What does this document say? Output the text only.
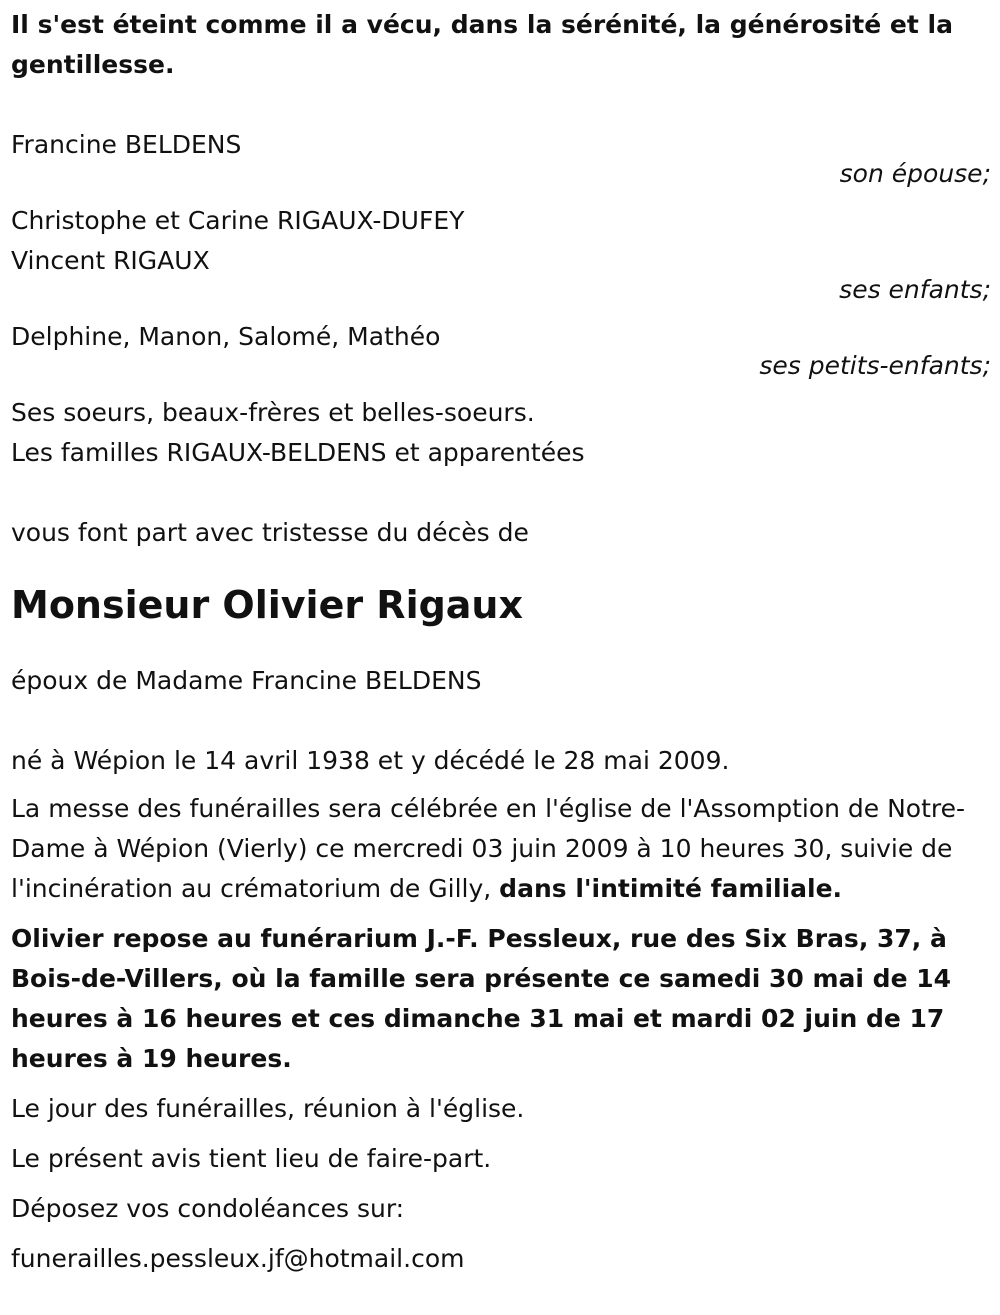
Il s'est éteint comme il a vécu, dans la sérénité, la générosité et la gentillesse.
Francine BELDENS
son épouse;
Christophe et Carine RIGAUX-DUFEY
Vincent RIGAUX
ses enfants;
Delphine, Manon, Salomé, Mathéo
ses petits-enfants;
Ses soeurs, beaux-frères et belles-soeurs.
Les familles RIGAUX-BELDENS et apparentées
vous font part avec tristesse du décès de
Monsieur Olivier Rigaux
époux de Madame Francine BELDENS
né à Wépion le 14 avril 1938 et y décédé le 28 mai 2009.
La messe des funérailles sera célébrée en l'église de l'Assomption de Notre-Dame à Wépion (Vierly) ce mercredi 03 juin 2009 à 10 heures 30, suivie de l'incinération au crématorium de Gilly, dans l'intimité familiale.
Olivier repose au funérarium J.-F. Pessleux, rue des Six Bras, 37, à Bois-de-Villers, où la famille sera présente ce samedi 30 mai de 14 heures à 16 heures et ces dimanche 31 mai et mardi 02 juin de 17 heures à 19 heures.
Le jour des funérailles, réunion à l'église.
Le présent avis tient lieu de faire-part.
Déposez vos condoléances sur:
funerailles.pessleux.jf@hotmail.com
